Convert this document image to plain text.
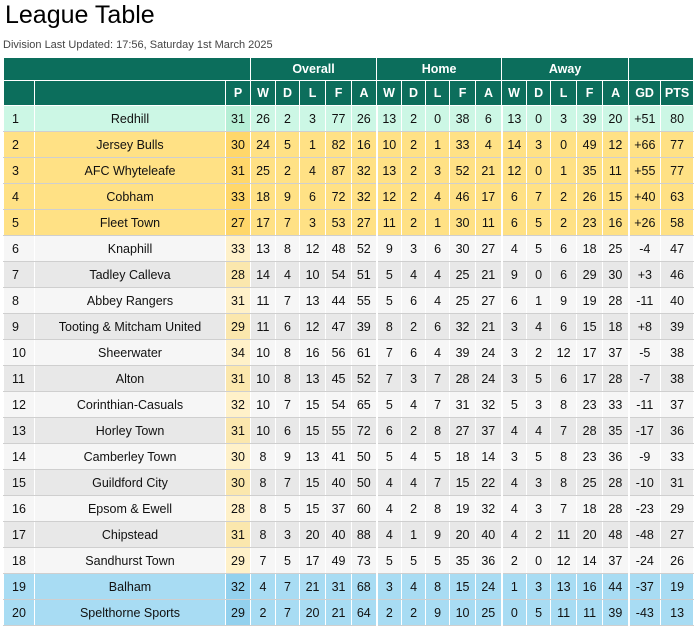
League Table
Division Last Updated: 17:56, Saturday 1st March 2025
			Overall					Home					Away						
		P	W	D	L	F	A	W	D	L	F	A	W	D	L	F	A	GD	PTS
1	Redhill	31	26	2	3	77	26	13	2	0	38	6	13	0	3	39	20	+51	80
2	Jersey Bulls	30	24	5	1	82	16	10	2	1	33	4	14	3	0	49	12	+66	77
3	AFC Whyteleafe	31	25	2	4	87	32	13	2	3	52	21	12	0	1	35	11	+55	77
4	Cobham	33	18	9	6	72	32	12	2	4	46	17	6	7	2	26	15	+40	63
5	Fleet Town	27	17	7	3	53	27	11	2	1	30	11	6	5	2	23	16	+26	58
6	Knaphill	33	13	8	12	48	52	9	3	6	30	27	4	5	6	18	25	-4	47
7	Tadley Calleva	28	14	4	10	54	51	5	4	4	25	21	9	0	6	29	30	+3	46
8	Abbey Rangers	31	11	7	13	44	55	5	6	4	25	27	6	1	9	19	28	-11	40
9	Tooting & Mitcham United	29	11	6	12	47	39	8	2	6	32	21	3	4	6	15	18	+8	39
10	Sheerwater	34	10	8	16	56	61	7	6	4	39	24	3	2	12	17	37	-5	38
11	Alton	31	10	8	13	45	52	7	3	7	28	24	3	5	6	17	28	-7	38
12	Corinthian-Casuals	32	10	7	15	54	65	5	4	7	31	32	5	3	8	23	33	-11	37
13	Horley Town	31	10	6	15	55	72	6	2	8	27	37	4	4	7	28	35	-17	36
14	Camberley Town	30	8	9	13	41	50	5	4	5	18	14	3	5	8	23	36	-9	33
15	Guildford City	30	8	7	15	40	50	4	4	7	15	22	4	3	8	25	28	-10	31
16	Epsom & Ewell	28	8	5	15	37	60	4	2	8	19	32	4	3	7	18	28	-23	29
17	Chipstead	31	8	3	20	40	88	4	1	9	20	40	4	2	11	20	48	-48	27
18	Sandhurst Town	29	7	5	17	49	73	5	5	5	35	36	2	0	12	14	37	-24	26
19	Balham	32	4	7	21	31	68	3	4	8	15	24	1	3	13	16	44	-37	19
20	Spelthorne Sports	29	2	7	20	21	64	2	2	9	10	25	0	5	11	11	39	-43	13
